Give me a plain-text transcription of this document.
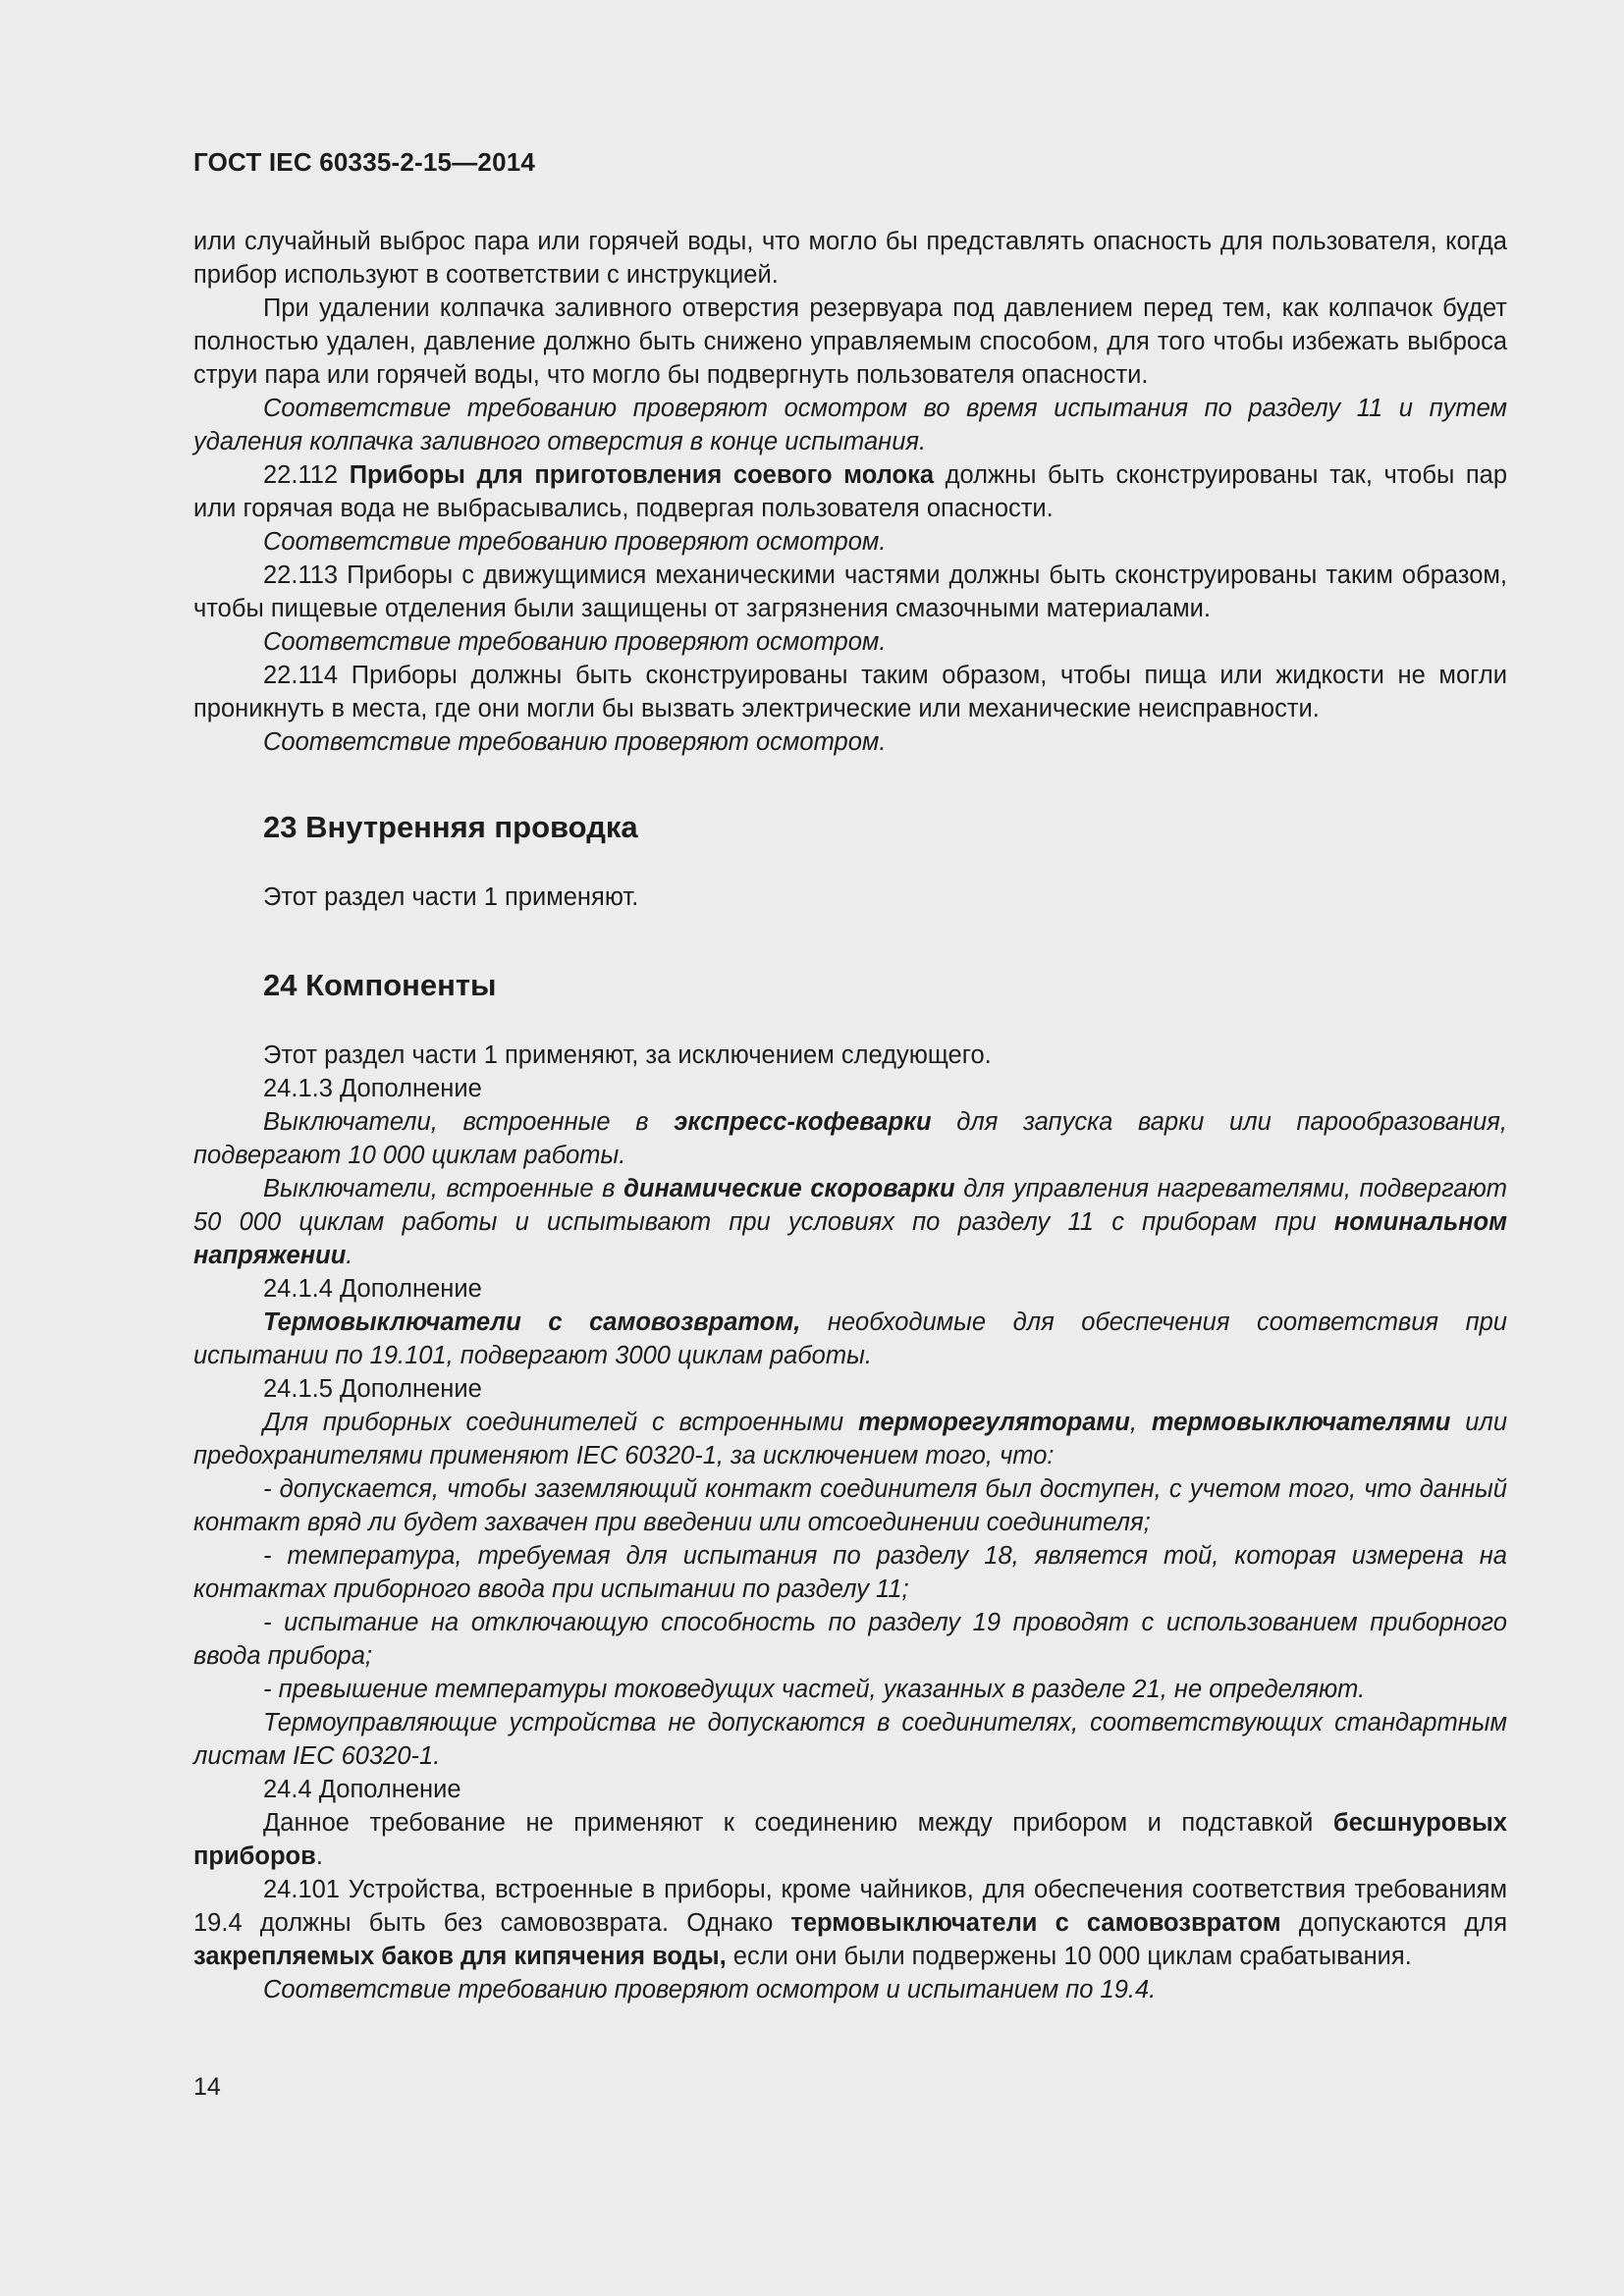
ГОСТ IEC 60335-2-15—2014

или случайный выброс пара или горячей воды, что могло бы представлять опасность для пользователя, когда прибор используют в соответствии с инструкцией.

При удалении колпачка заливного отверстия резервуара под давлением перед тем, как колпачок будет полностью удален, давление должно быть снижено управляемым способом, для того чтобы избежать выброса струи пара или горячей воды, что могло бы подвергнуть пользователя опасности.

Соответствие требованию проверяют осмотром во время испытания по разделу 11 и путем удаления колпачка заливного отверстия в конце испытания.

22.112 Приборы для приготовления соевого молока должны быть сконструированы так, чтобы пар или горячая вода не выбрасывались, подвергая пользователя опасности.

Соответствие требованию проверяют осмотром.

22.113 Приборы с движущимися механическими частями должны быть сконструированы таким образом, чтобы пищевые отделения были защищены от загрязнения смазочными материалами.

Соответствие требованию проверяют осмотром.

22.114 Приборы должны быть сконструированы таким образом, чтобы пища или жидкости не могли проникнуть в места, где они могли бы вызвать электрические или механические неисправности.

Соответствие требованию проверяют осмотром.

23 Внутренняя проводка

Этот раздел части 1 применяют.

24 Компоненты

Этот раздел части 1 применяют, за исключением следующего.

24.1.3 Дополнение

Выключатели, встроенные в экспресс-кофеварки для запуска варки или парообразования, подвергают 10 000 циклам работы.

Выключатели, встроенные в динамические скороварки для управления нагревателями, подвергают 50 000 циклам работы и испытывают при условиях по разделу 11 с приборам при номинальном напряжении.

24.1.4 Дополнение

Термовыключатели с самовозвратом, необходимые для обеспечения соответствия при испытании по 19.101, подвергают 3000 циклам работы.

24.1.5 Дополнение

Для приборных соединителей с встроенными терморегуляторами, термовыключателями или предохранителями применяют IEC 60320-1, за исключением того, что:

- допускается, чтобы заземляющий контакт соединителя был доступен, с учетом того, что данный контакт вряд ли будет захвачен при введении или отсоединении соединителя;

- температура, требуемая для испытания по разделу 18, является той, которая измерена на контактах приборного ввода при испытании по разделу 11;

- испытание на отключающую способность по разделу 19 проводят с использованием приборного ввода прибора;

- превышение температуры токоведущих частей, указанных в разделе 21, не определяют.

Термоуправляющие устройства не допускаются в соединителях, соответствующих стандартным листам IEC 60320-1.

24.4 Дополнение

Данное требование не применяют к соединению между прибором и подставкой бесшнуровых приборов.

24.101 Устройства, встроенные в приборы, кроме чайников, для обеспечения соответствия требованиям 19.4 должны быть без самовозврата. Однако термовыключатели с самовозвратом допускаются для закрепляемых баков для кипячения воды, если они были подвержены 10 000 циклам срабатывания.

Соответствие требованию проверяют осмотром и испытанием по 19.4.

14
